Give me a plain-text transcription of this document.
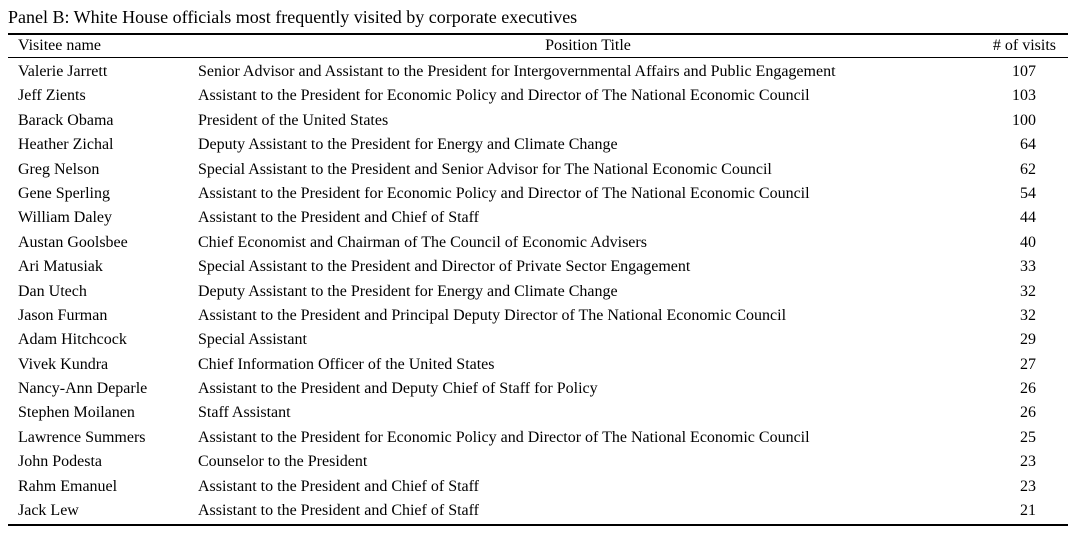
Panel B: White House officials most frequently visited by corporate executives
Visitee name	Position Title	# of visits
Valerie Jarrett	Senior Advisor and Assistant to the President for Intergovernmental Affairs and Public Engagement	107
Jeff Zients	Assistant to the President for Economic Policy and Director of The National Economic Council	103
Barack Obama	President of the United States	100
Heather Zichal	Deputy Assistant to the President for Energy and Climate Change	64
Greg Nelson	Special Assistant to the President and Senior Advisor for The National Economic Council	62
Gene Sperling	Assistant to the President for Economic Policy and Director of The National Economic Council	54
William Daley	Assistant to the President and Chief of Staff	44
Austan Goolsbee	Chief Economist and Chairman of The Council of Economic Advisers	40
Ari Matusiak	Special Assistant to the President and Director of Private Sector Engagement	33
Dan Utech	Deputy Assistant to the President for Energy and Climate Change	32
Jason Furman	Assistant to the President and Principal Deputy Director of The National Economic Council	32
Adam Hitchcock	Special Assistant	29
Vivek Kundra	Chief Information Officer of the United States	27
Nancy-Ann Deparle	Assistant to the President and Deputy Chief of Staff for Policy	26
Stephen Moilanen	Staff Assistant	26
Lawrence Summers	Assistant to the President for Economic Policy and Director of The National Economic Council	25
John Podesta	Counselor to the President	23
Rahm Emanuel	Assistant to the President and Chief of Staff	23
Jack Lew	Assistant to the President and Chief of Staff	21
